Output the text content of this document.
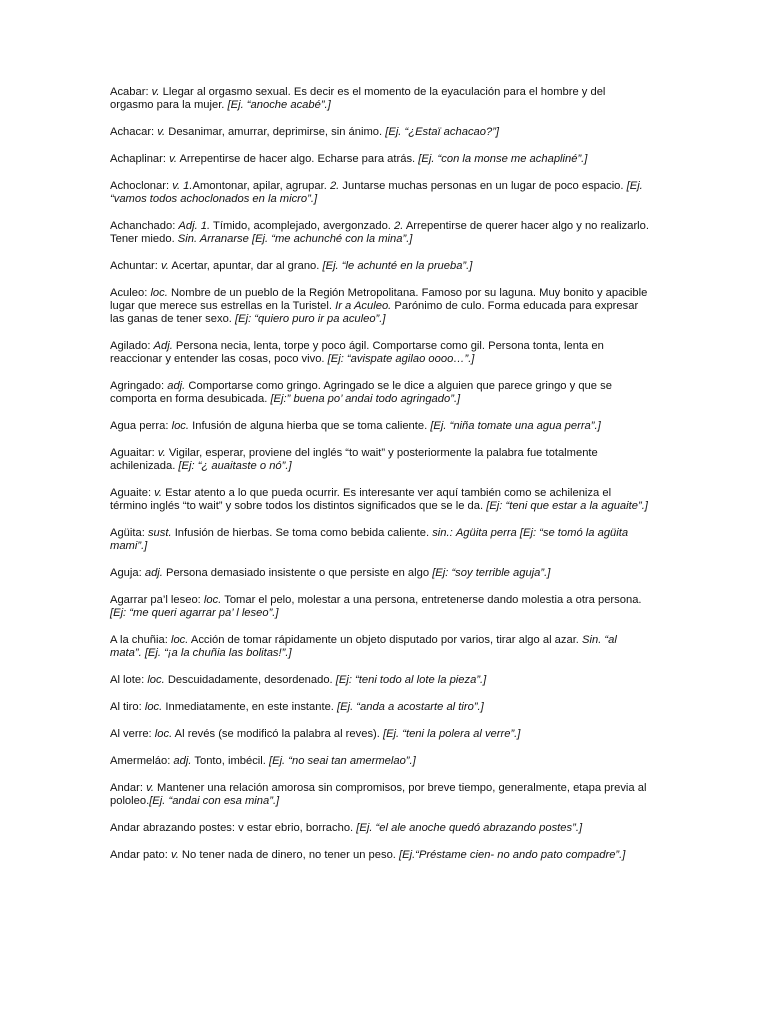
Acabar: v. Llegar al orgasmo sexual. Es decir es el momento de la eyaculación para el hombre y del orgasmo para la mujer. [Ej. “anoche acabé”.]

Achacar: v. Desanimar, amurrar, deprimirse, sin ánimo. [Ej. “¿Estaï achacao?”]

Achaplinar: v. Arrepentirse de hacer algo. Echarse para atrás. [Ej. “con la monse me achapliné”.]

Achoclonar: v. 1.Amontonar, apilar, agrupar. 2. Juntarse muchas personas en un lugar de poco espacio. [Ej. “vamos todos achoclonados en la micro”.]

Achanchado: Adj. 1. Tímido, acomplejado, avergonzado. 2. Arrepentirse de querer hacer algo y no realizarlo. Tener miedo. Sin. Arranarse [Ej. “me achunché con la mina”.]

Achuntar: v. Acertar, apuntar, dar al grano. [Ej. “le achunté en la prueba”.]

Aculeo: loc. Nombre de un pueblo de la Región Metropolitana. Famoso por su laguna. Muy bonito y apacible lugar que merece sus estrellas en la Turistel. Ir a Aculeo. Parónimo de culo. Forma educada para expresar las ganas de tener sexo. [Ej: “quiero puro ir pa aculeo”.]

Agilado: Adj. Persona necia, lenta, torpe y poco ágil. Comportarse como gil. Persona tonta, lenta en reaccionar y entender las cosas, poco vivo. [Ej: “avispate agilao oooo…”.]

Agringado: adj. Comportarse como gringo. Agringado se le dice a alguien que parece gringo y que se comporta en forma desubicada. [Ej:” buena po’ andai todo agringado”.]

Agua perra: loc. Infusión de alguna hierba que se toma caliente. [Ej. “niña tomate una agua perra”.]

Aguaitar: v. Vigilar, esperar, proviene del inglés “to wait” y posteriormente la palabra fue totalmente achilenizada. [Ej: “¿ auaitaste o nó”.]

Aguaite: v. Estar atento a lo que pueda ocurrir. Es interesante ver aquí también como se achileniza el término inglés “to wait” y sobre todos los distintos significados que se le da. [Ej: “teni que estar a la aguaite”.]

Agüita: sust. Infusión de hierbas. Se toma como bebida caliente. sin.: Agüita perra [Ej: “se tomó la agüita mami”.]

Aguja: adj. Persona demasiado insistente o que persiste en algo [Ej: “soy terrible aguja”.]

Agarrar pa’l leseo: loc. Tomar el pelo, molestar a una persona, entretenerse dando molestia a otra persona. [Ej: “me queri agarrar pa’ l leseo”.]

A la chuñia: loc. Acción de tomar rápidamente un objeto disputado por varios, tirar algo al azar. Sin. “al mata”. [Ej. “¡a la chuñia las bolitas!”.]

Al lote: loc. Descuidadamente, desordenado. [Ej: “teni todo al lote la pieza”.]

Al tiro: loc. Inmediatamente, en este instante. [Ej. “anda a acostarte al tiro”.]

Al verre: loc. Al revés (se modificó la palabra al reves). [Ej. “teni la polera al verre”.]

Amermeláo: adj. Tonto, imbécil. [Ej. “no seai tan amermelao”.]

Andar: v. Mantener una relación amorosa sin compromisos, por breve tiempo, generalmente, etapa previa al pololeo.[Ej. “andai con esa mina”.]

Andar abrazando postes: v estar ebrio, borracho. [Ej. “el ale anoche quedó abrazando postes”.]

Andar pato: v. No tener nada de dinero, no tener un peso. [Ej.“Préstame cien- no ando pato compadre”.]
